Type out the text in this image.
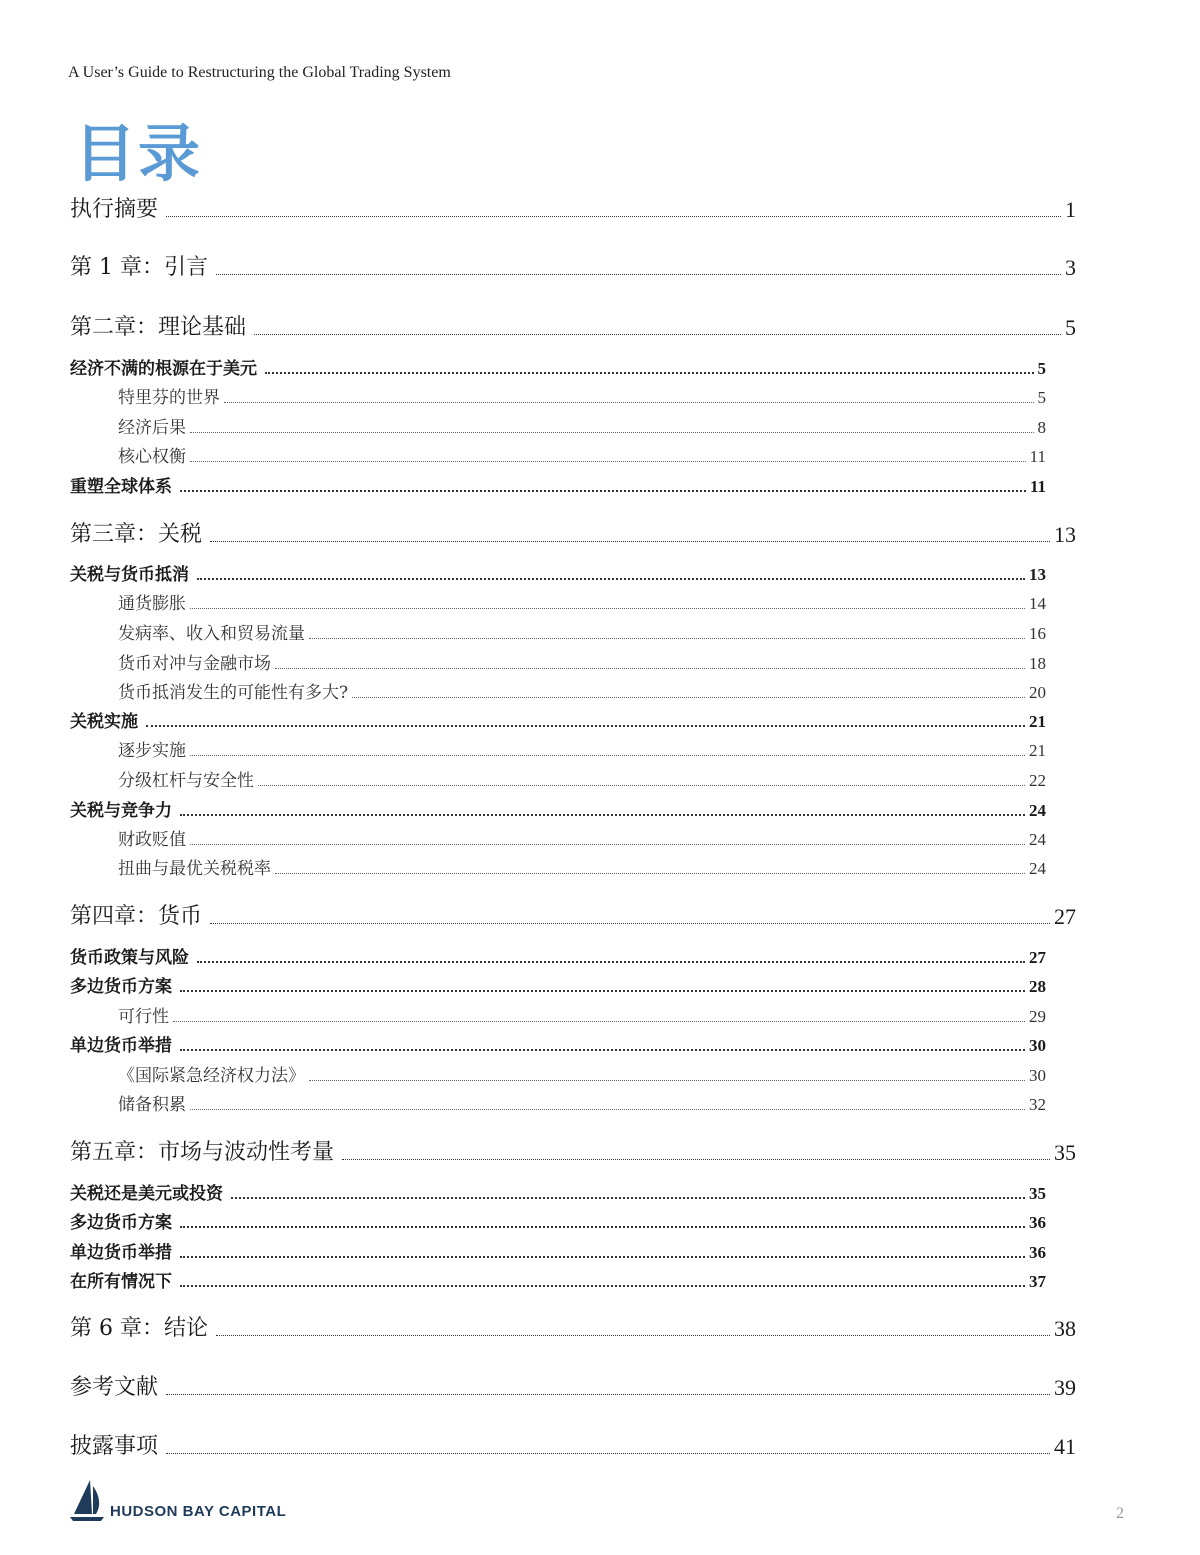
A User’s Guide to Restructuring the Global Trading System
目录
执行摘要	1
第 1 章：引言	3
第二章：理论基础	5
经济不满的根源在于美元	5
特里芬的世界	5
经济后果	8
核心权衡	11
重塑全球体系	11
第三章：关税	13
关税与货币抵消	13
通货膨胀	14
发病率、收入和贸易流量	16
货币对冲与金融市场	18
货币抵消发生的可能性有多大?	20
关税实施	21
逐步实施	21
分级杠杆与安全性	22
关税与竞争力	24
财政贬值	24
扭曲与最优关税税率	24
第四章：货币	27
货币政策与风险	27
多边货币方案	28
可行性	29
单边货币举措	30
《国际紧急经济权力法》	30
储备积累	32
第五章：市场与波动性考量	35
关税还是美元或投资	35
多边货币方案	36
单边货币举措	36
在所有情况下	37
第 6 章：结论	38
参考文献	39
披露事项	41
HUDSON BAY CAPITAL	2
